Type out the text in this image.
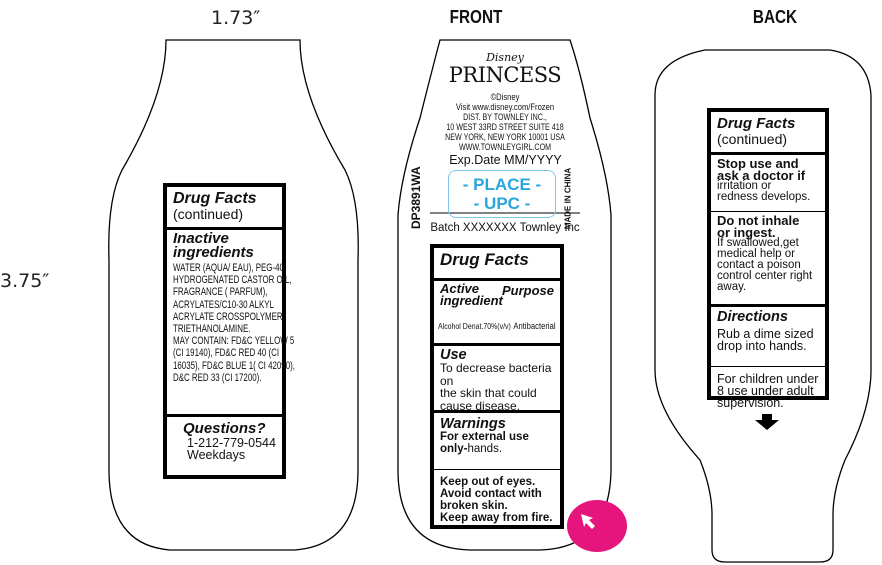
1.73″
3.75″
FRONT	BACK
Drug Facts
(continued)
Inactive
ingredients
WATER (AQUA/ EAU), PEG-40
HYDROGENATED CASTOR OIL,
FRAGRANCE ( PARFUM),
ACRYLATES/C10-30 ALKYL
ACRYLATE CROSSPOLYMER,
TRIETHANOLAMINE.
MAY CONTAIN: FD&C YELLOW 5
(CI 19140), FD&C RED 40 (CI
16035), FD&C BLUE 1( CI 42090),
D&C RED 33 (CI 17200).
Questions?
1-212-779-0544
Weekdays
Disney
PRINCESS
©Disney
Visit www.disney.com/Frozen
DIST. BY TOWNLEY INC.,
10 WEST 33RD STREET SUITE 418
NEW YORK, NEW YORK 10001 USA
WWW.TOWNLEYGIRL.COM
Exp.Date MM/YYYY
DP3891WA	- PLACE -
- UPC -	MADE IN CHINA
Batch XXXXXXX Townley Inc
Drug Facts
Active
ingredient
Purpose
Alcohol Denat.70%(v/v) Antibacterial
Use
To decrease bacteria on
the skin that could
cause disease.
Warnings
For external use
only-hands.
Keep out of eyes.
Avoid contact with
broken skin.
Keep away from fire.
Drug Facts
(continued)
Stop use and
ask a doctor if
irritation or
redness develops.
Do not inhale
or ingest.
If swallowed,get
medical help or
contact a poison
control center right
away.
Directions
Rub a dime sized
drop into hands.
For children under
8 use under adult
supervision.
